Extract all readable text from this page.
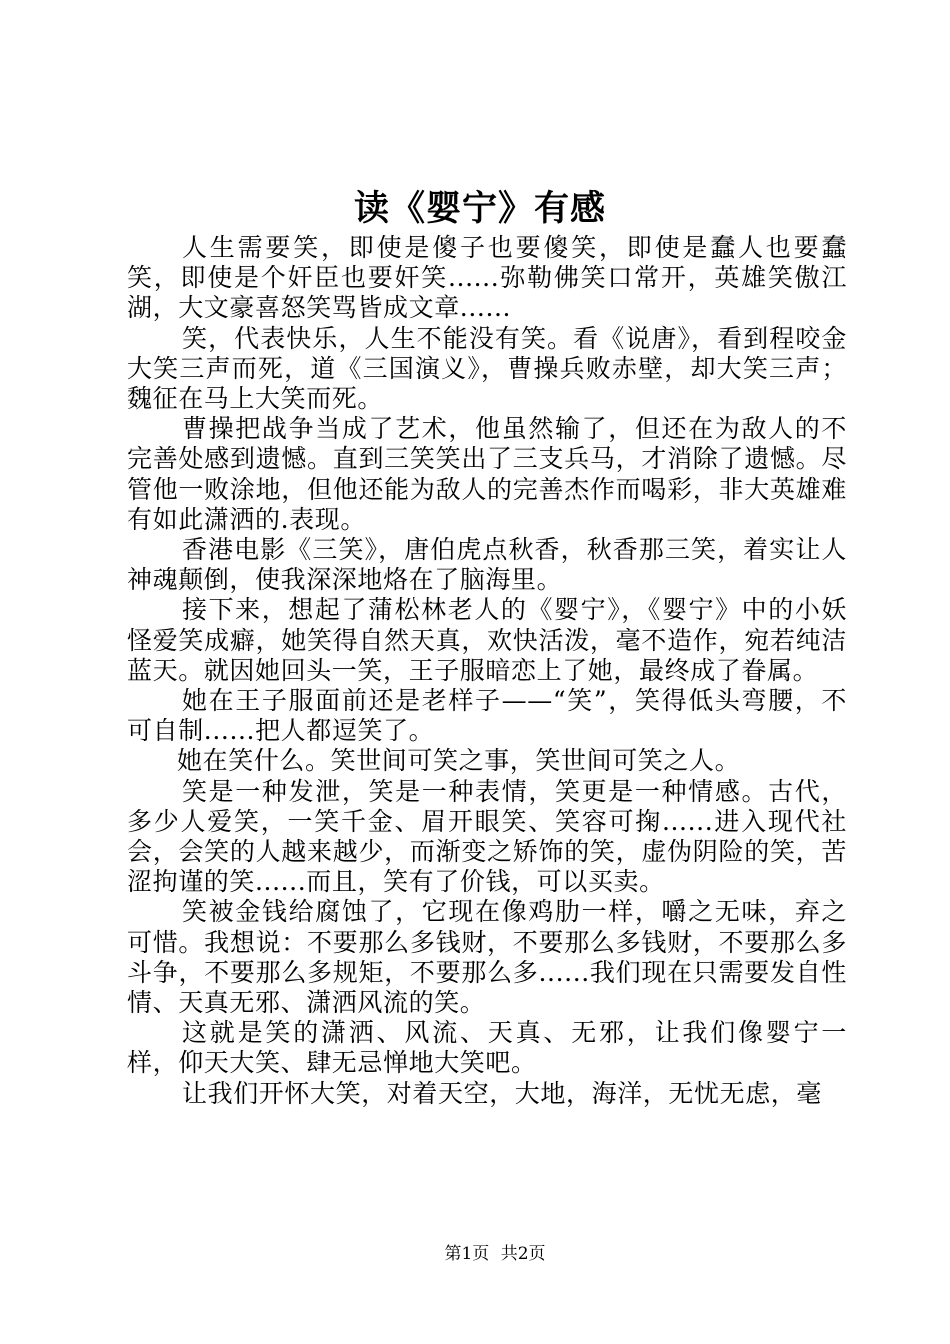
读《婴宁》有感

人生需要笑，即使是傻子也要傻笑，即使是蠢人也要蠢笑，即使是个奸臣也要奸笑......弥勒佛笑口常开，英雄笑傲江湖，大文豪喜怒笑骂皆成文章......

笑，代表快乐，人生不能没有笑。看《说唐》，看到程咬金大笑三声而死，道《三国演义》，曹操兵败赤壁，却大笑三声；魏征在马上大笑而死。

曹操把战争当成了艺术，他虽然输了，但还在为敌人的不完善处感到遗憾。直到三笑笑出了三支兵马，才消除了遗憾。尽管他一败涂地，但他还能为敌人的完善杰作而喝彩，非大英雄难有如此潇洒的.表现。

香港电影《三笑》，唐伯虎点秋香，秋香那三笑，着实让人神魂颠倒，使我深深地烙在了脑海里。

接下来，想起了蒲松林老人的《婴宁》，《婴宁》中的小妖怪爱笑成癖，她笑得自然天真，欢快活泼，毫不造作，宛若纯洁蓝天。就因她回头一笑，王子服暗恋上了她，最终成了眷属。

她在王子服面前还是老样子——“笑”，笑得低头弯腰，不可自制......把人都逗笑了。

她在笑什么。笑世间可笑之事，笑世间可笑之人。

笑是一种发泄，笑是一种表情，笑更是一种情感。古代，多少人爱笑，一笑千金、眉开眼笑、笑容可掬......进入现代社会，会笑的人越来越少，而渐变之矫饰的笑，虚伪阴险的笑，苦涩拘谨的笑......而且，笑有了价钱，可以买卖。

笑被金钱给腐蚀了，它现在像鸡肋一样，嚼之无味，弃之可惜。我想说：不要那么多钱财，不要那么多钱财，不要那么多斗争，不要那么多规矩，不要那么多......我们现在只需要发自性情、天真无邪、潇洒风流的笑。

这就是笑的潇洒、风流、天真、无邪，让我们像婴宁一样，仰天大笑、肆无忌惮地大笑吧。

让我们开怀大笑，对着天空，大地，海洋，无忧无虑，毫

第1页 共2页
